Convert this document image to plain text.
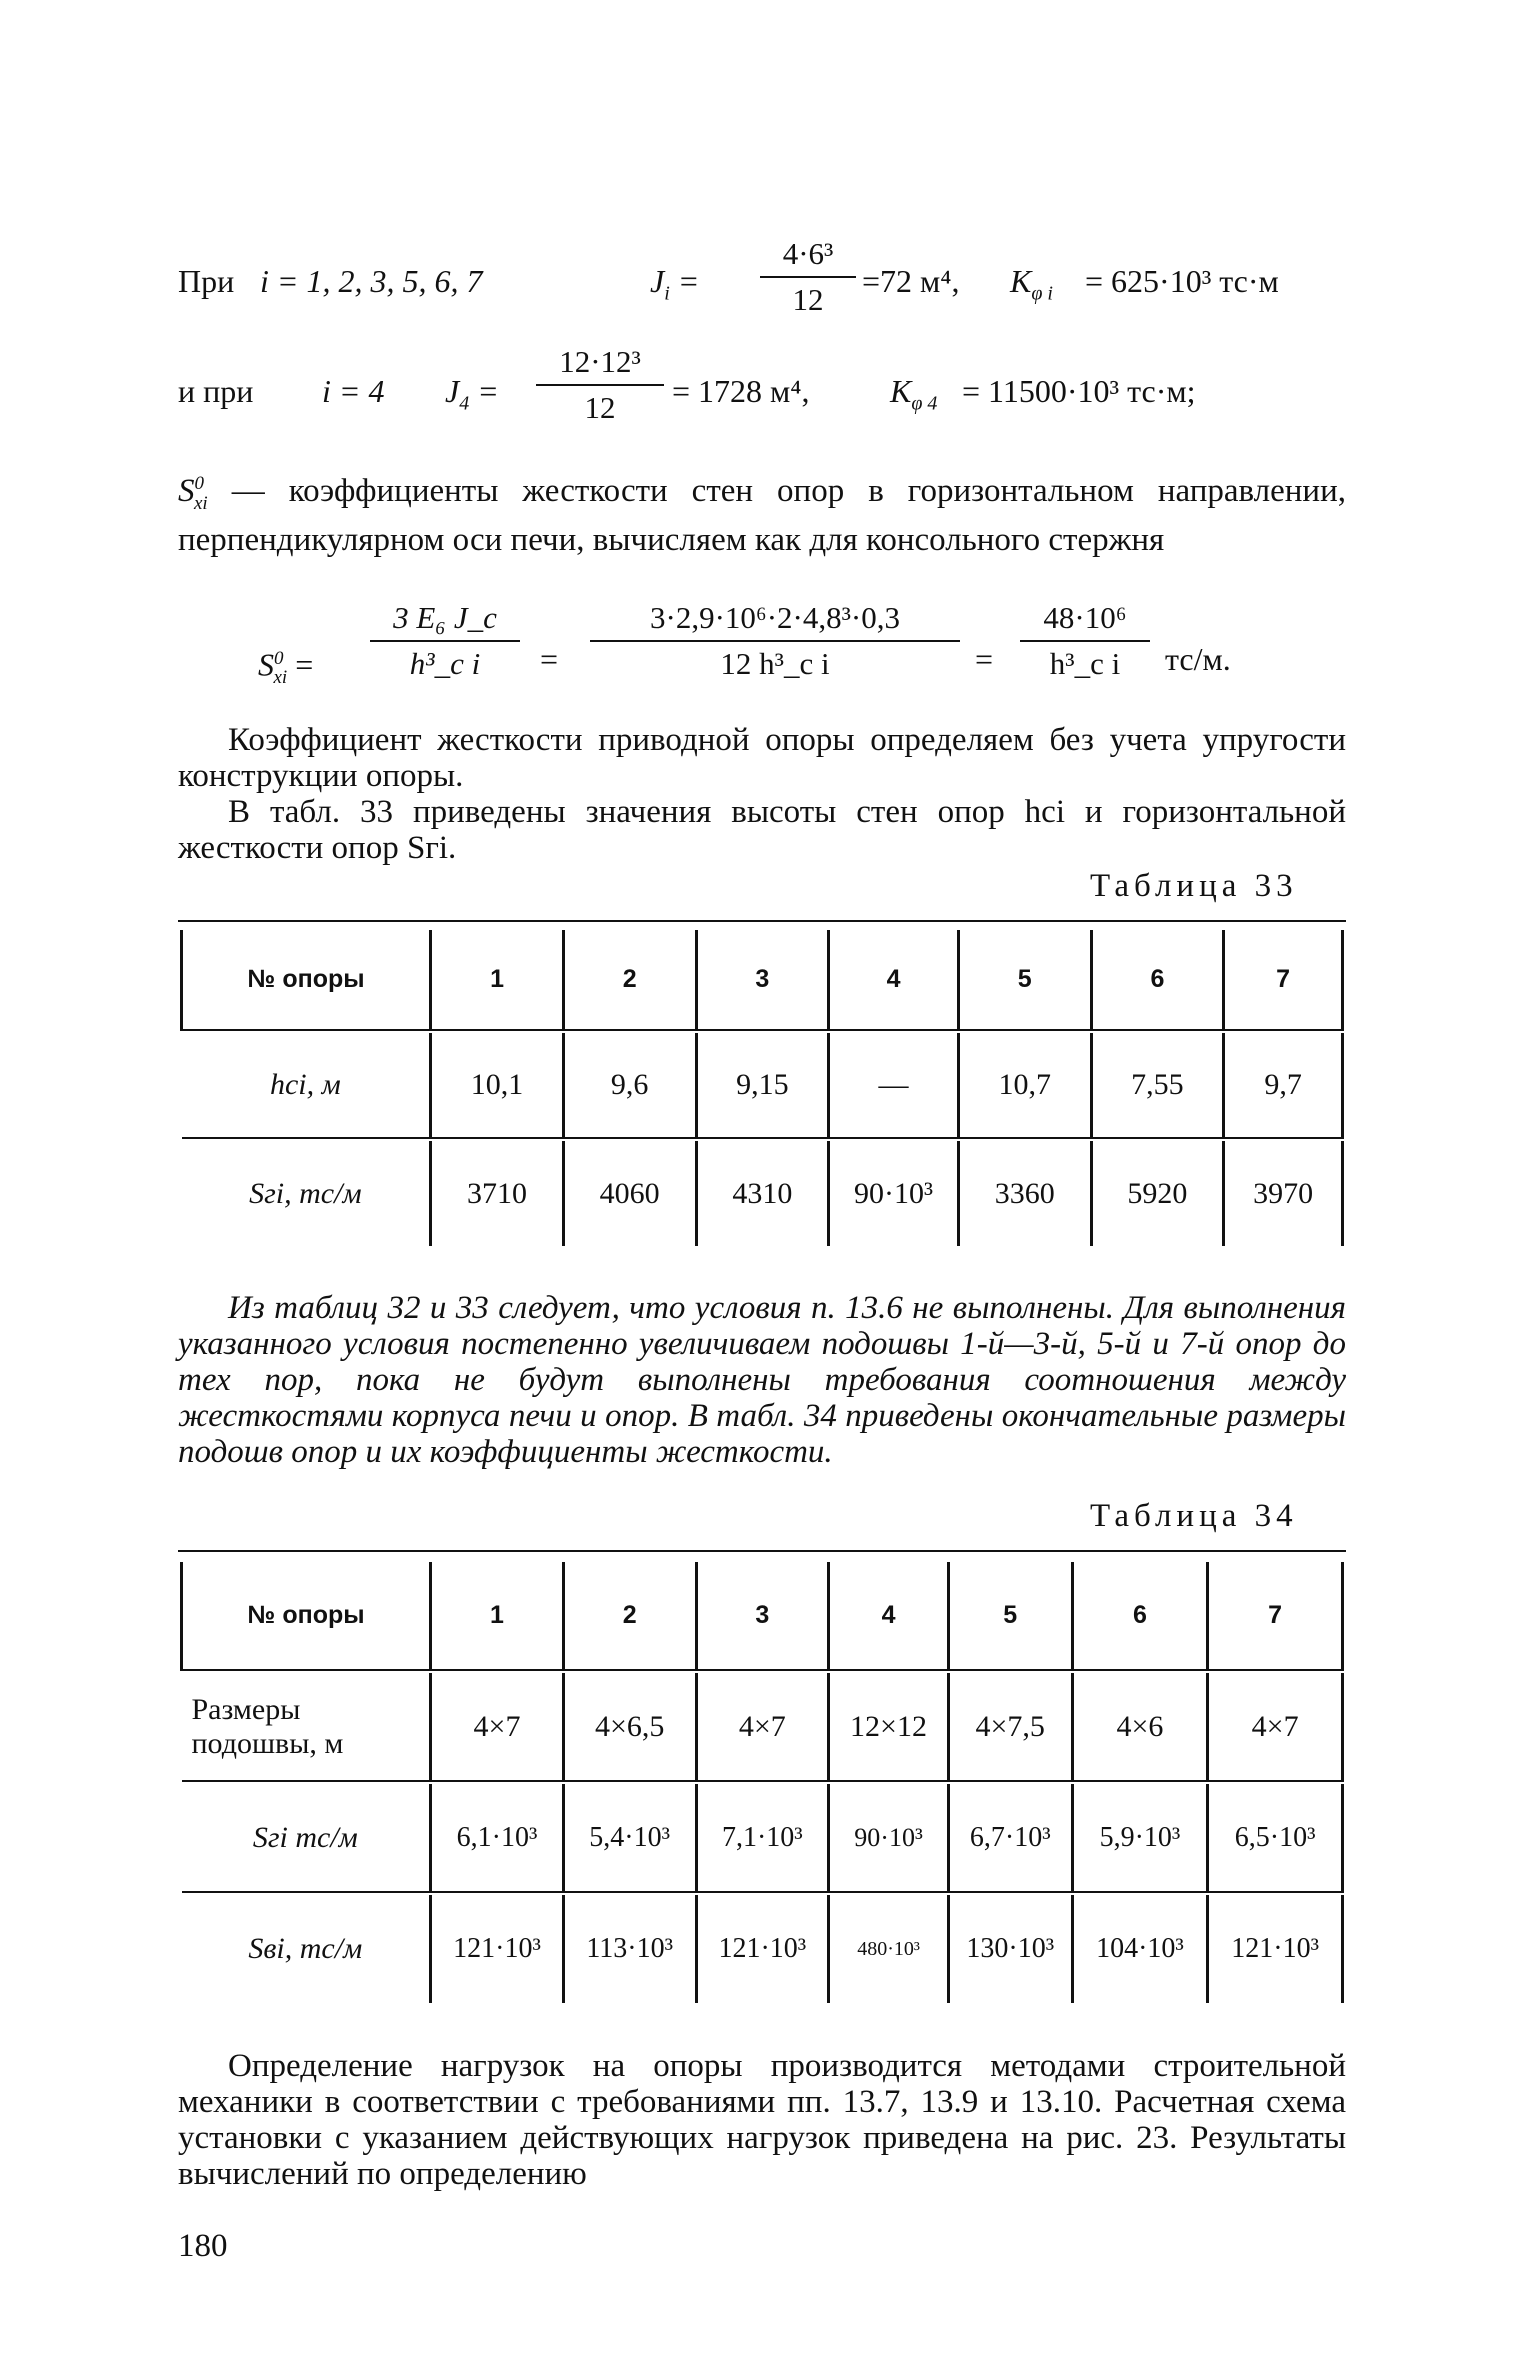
При i = 1, 2, 3, 5, 6, 7	$J_i$ =
4·6³
12
=72 м⁴, $K_{\varphi i} = 625\cdot 10^3$ тс·м
и при i = 4 $J_4$ =
12·12³
12	= 1728 м⁴,	$K_{\varphi 4} = 11500\cdot 10^3$ тс·м;
$S^0_{xi}$ — коэффициенты жесткости стен опор в горизонтальном направлении, перпендикулярном оси печи, вычисляем как для консольного стержня
$S^0_{xi}$ =
3 E₆ J_c
h³_c i	=
3·2,9·10⁶·2·4,8³·0,3
12 h³_c i	=
48·10⁶
h³_c i	тс/м.
Коэффициент жесткости приводной опоры определяем без учета упругости конструкции опоры.
В табл. 33 приведены значения высоты стен опор hci и горизонтальной жесткости опор Sгi.
Таблица 33
№ опоры	1	2	3	4	5	6	7

hci, м	10,1	9,6	9,15	—	10,7	7,55	9,7

Sгi, тс/м	3710	4060	4310	90·10³	3360	5920	3970
Из таблиц 32 и 33 следует, что условия п. 13.6 не выполнены. Для выполнения указанного условия постепенно увеличиваем подошвы 1-й—3-й, 5-й и 7-й опор до тех пор, пока не будут выполнены требования соотношения между жесткостями корпуса печи и опор. В табл. 34 приведены окончательные размеры подошв опор и их коэффициенты жесткости.
Таблица 34
№ опоры	1	2	3	4	5	6	7

Размеры подошвы, м	4×7	4×6,5	4×7	12×12	4×7,5	4×6	4×7

Sгi тс/м	6,1·10³	5,4·10³	7,1·10³	90·10³	6,7·10³	5,9·10³	6,5·10³

Sвi, тс/м	121·10³	113·10³	121·10³	480·10³	130·10³	104·10³	121·10³
Определение нагрузок на опоры производится методами строительной механики в соответствии с требованиями пп. 13.7, 13.9 и 13.10. Расчетная схема установки с указанием действующих нагрузок приведена на рис. 23. Результаты вычислений по определению
180
